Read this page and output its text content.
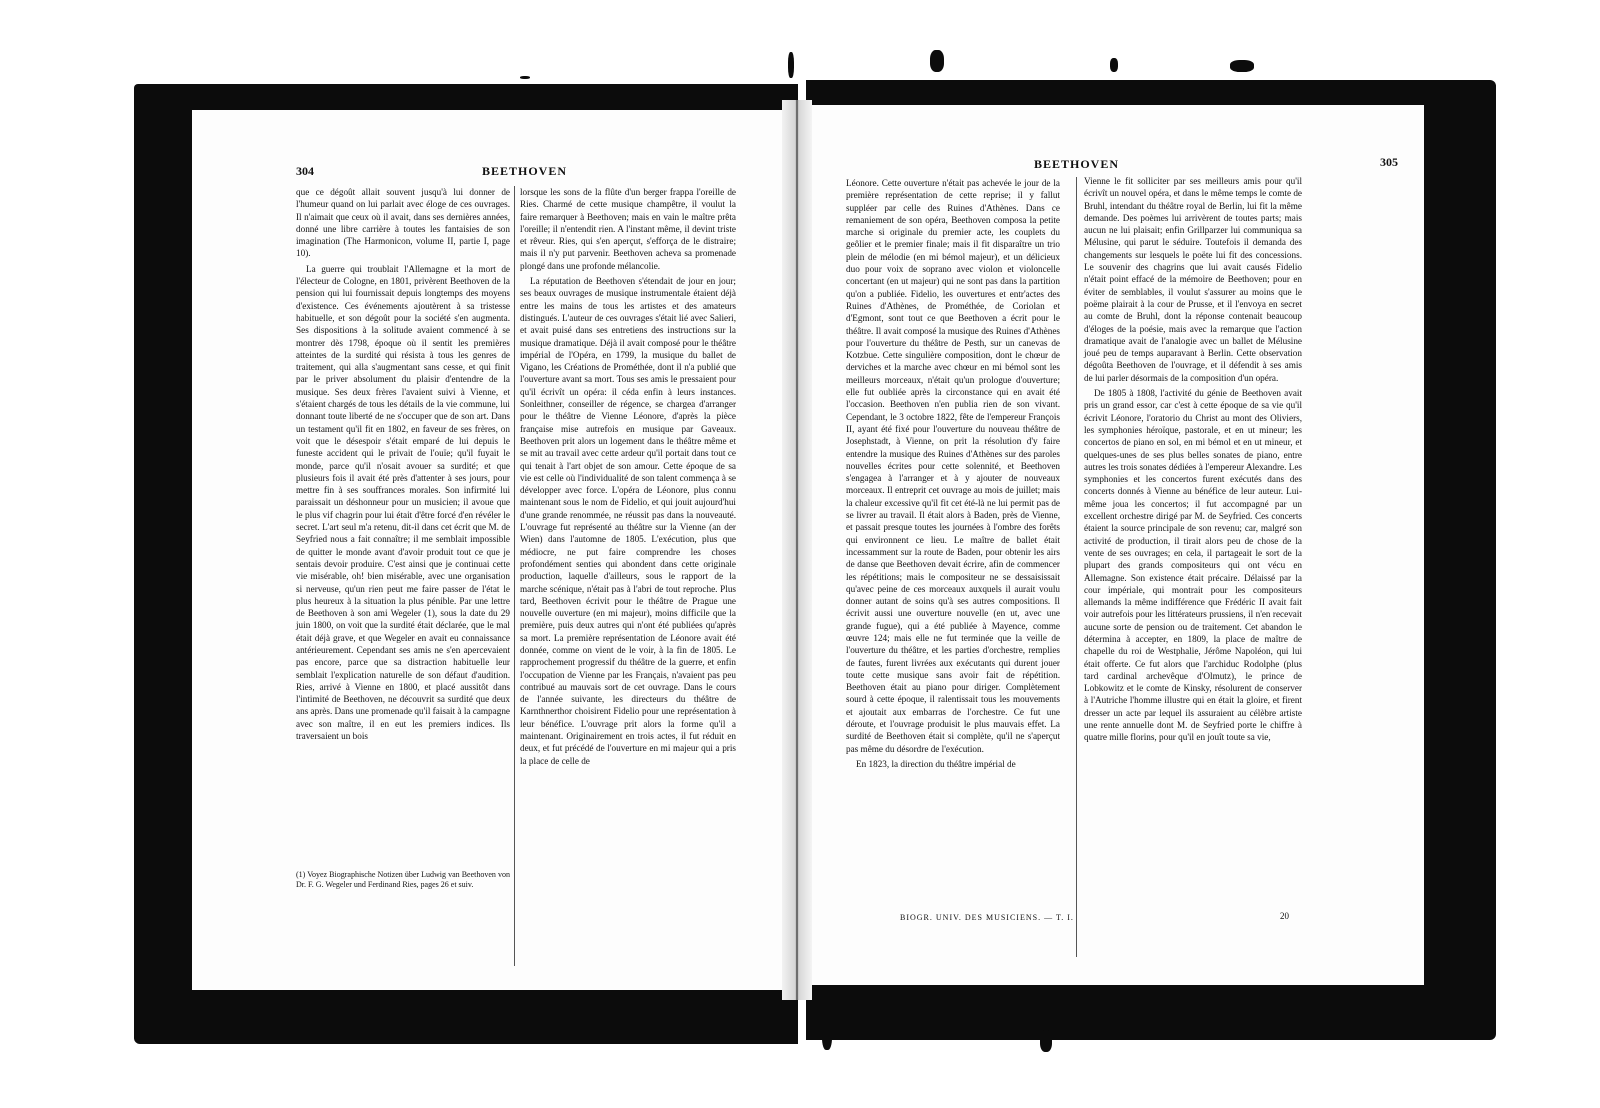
304	BEETHOVEN

que ce dégoût allait souvent jusqu'à lui donner de l'humeur quand on lui parlait avec éloge de ces ouvrages. Il n'aimait que ceux où il avait, dans ses dernières années, donné une libre carrière à toutes les fantaisies de son imagination (The Harmonicon, volume II, partie I, page 10).

La guerre qui troublait l'Allemagne et la mort de l'électeur de Cologne, en 1801, privèrent Beethoven de la pension qui lui fournissait depuis longtemps des moyens d'existence. Ces événements ajoutèrent à sa tristesse habituelle, et son dégoût pour la société s'en augmenta. Ses dispositions à la solitude avaient commencé à se montrer dès 1798, époque où il sentit les premières atteintes de la surdité qui résista à tous les genres de traitement, qui alla s'augmentant sans cesse, et qui finit par le priver absolument du plaisir d'entendre de la musique. Ses deux frères l'avaient suivi à Vienne, et s'étaient chargés de tous les détails de la vie commune, lui donnant toute liberté de ne s'occuper que de son art. Dans un testament qu'il fit en 1802, en faveur de ses frères, on voit que le désespoir s'était emparé de lui depuis le funeste accident qui le privait de l'ouïe; qu'il fuyait le monde, parce qu'il n'osait avouer sa surdité; et que plusieurs fois il avait été près d'attenter à ses jours, pour mettre fin à ses souffrances morales. Son infirmité lui paraissait un déshonneur pour un musicien; il avoue que le plus vif chagrin pour lui était d'être forcé d'en révéler le secret. L'art seul m'a retenu, dit-il dans cet écrit que M. de Seyfried nous a fait connaître; il me semblait impossible de quitter le monde avant d'avoir produit tout ce que je sentais devoir produire. C'est ainsi que je continuai cette vie misérable, oh! bien misérable, avec une organisation si nerveuse, qu'un rien peut me faire passer de l'état le plus heureux à la situation la plus pénible. Par une lettre de Beethoven à son ami Wegeler (1), sous la date du 29 juin 1800, on voit que la surdité était déclarée, que le mal était déjà grave, et que Wegeler en avait eu connaissance antérieurement. Cependant ses amis ne s'en apercevaient pas encore, parce que sa distraction habituelle leur semblait l'explication naturelle de son défaut d'audition. Ries, arrivé à Vienne en 1800, et placé aussitôt dans l'intimité de Beethoven, ne découvrit sa surdité que deux ans après. Dans une promenade qu'il faisait à la campagne avec son maître, il en eut les premiers indices. Ils traversaient un bois

lorsque les sons de la flûte d'un berger frappa l'oreille de Ries. Charmé de cette musique champêtre, il voulut la faire remarquer à Beethoven; mais en vain le maître prêta l'oreille; il n'entendit rien. A l'instant même, il devint triste et rêveur. Ries, qui s'en aperçut, s'efforça de le distraire; mais il n'y put parvenir. Beethoven acheva sa promenade plongé dans une profonde mélancolie.

La réputation de Beethoven s'étendait de jour en jour; ses beaux ouvrages de musique instrumentale étaient déjà entre les mains de tous les artistes et des amateurs distingués. L'auteur de ces ouvrages s'était lié avec Salieri, et avait puisé dans ses entretiens des instructions sur la musique dramatique. Déjà il avait composé pour le théâtre impérial de l'Opéra, en 1799, la musique du ballet de Vigano, les Créations de Prométhée, dont il n'a publié que l'ouverture avant sa mort. Tous ses amis le pressaient pour qu'il écrivît un opéra: il céda enfin à leurs instances. Sonleithner, conseiller de régence, se chargea d'arranger pour le théâtre de Vienne Léonore, d'après la pièce française mise autrefois en musique par Gaveaux. Beethoven prit alors un logement dans le théâtre même et se mit au travail avec cette ardeur qu'il portait dans tout ce qui tenait à l'art objet de son amour. Cette époque de sa vie est celle où l'individualité de son talent commença à se développer avec force. L'opéra de Léonore, plus connu maintenant sous le nom de Fidelio, et qui jouit aujourd'hui d'une grande renommée, ne réussit pas dans la nouveauté. L'ouvrage fut représenté au théâtre sur la Vienne (an der Wien) dans l'automne de 1805. L'exécution, plus que médiocre, ne put faire comprendre les choses profondément senties qui abondent dans cette originale production, laquelle d'ailleurs, sous le rapport de la marche scénique, n'était pas à l'abri de tout reproche. Plus tard, Beethoven écrivit pour le théâtre de Prague une nouvelle ouverture (en mi majeur), moins difficile que la première, puis deux autres qui n'ont été publiées qu'après sa mort. La première représentation de Léonore avait été donnée, comme on vient de le voir, à la fin de 1805. Le rapprochement progressif du théâtre de la guerre, et enfin l'occupation de Vienne par les Français, n'avaient pas peu contribué au mauvais sort de cet ouvrage. Dans le cours de l'année suivante, les directeurs du théâtre de Karnthnerthor choisirent Fidelio pour une représentation à leur bénéfice. L'ouvrage prit alors la forme qu'il a maintenant. Originairement en trois actes, il fut réduit en deux, et fut précédé de l'ouverture en mi majeur qui a pris la place de celle de

(1) Voyez Biographische Notizen über Ludwig van Beethoven von Dr. F. G. Wegeler und Ferdinand Ries, pages 26 et suiv.
BEETHOVEN	305

Léonore. Cette ouverture n'était pas achevée le jour de la première représentation de cette reprise; il y fallut suppléer par celle des Ruines d'Athènes. Dans ce remaniement de son opéra, Beethoven composa la petite marche si originale du premier acte, les couplets du geôlier et le premier finale; mais il fit disparaître un trio plein de mélodie (en mi bémol majeur), et un délicieux duo pour voix de soprano avec violon et violoncelle concertant (en ut majeur) qui ne sont pas dans la partition qu'on a publiée. Fidelio, les ouvertures et entr'actes des Ruines d'Athènes, de Prométhée, de Coriolan et d'Egmont, sont tout ce que Beethoven a écrit pour le théâtre. Il avait composé la musique des Ruines d'Athènes pour l'ouverture du théâtre de Pesth, sur un canevas de Kotzbue. Cette singulière composition, dont le chœur de derviches et la marche avec chœur en mi bémol sont les meilleurs morceaux, n'était qu'un prologue d'ouverture; elle fut oubliée après la circonstance qui en avait été l'occasion. Beethoven n'en publia rien de son vivant. Cependant, le 3 octobre 1822, fête de l'empereur François II, ayant été fixé pour l'ouverture du nouveau théâtre de Josephstadt, à Vienne, on prit la résolution d'y faire entendre la musique des Ruines d'Athènes sur des paroles nouvelles écrites pour cette solennité, et Beethoven s'engagea à l'arranger et à y ajouter de nouveaux morceaux. Il entreprit cet ouvrage au mois de juillet; mais la chaleur excessive qu'il fit cet été-là ne lui permit pas de se livrer au travail. Il était alors à Baden, près de Vienne, et passait presque toutes les journées à l'ombre des forêts qui environnent ce lieu. Le maître de ballet était incessamment sur la route de Baden, pour obtenir les airs de danse que Beethoven devait écrire, afin de commencer les répétitions; mais le compositeur ne se dessaisissait qu'avec peine de ces morceaux auxquels il aurait voulu donner autant de soins qu'à ses autres compositions. Il écrivit aussi une ouverture nouvelle (en ut, avec une grande fugue), qui a été publiée à Mayence, comme œuvre 124; mais elle ne fut terminée que la veille de l'ouverture du théâtre, et les parties d'orchestre, remplies de fautes, furent livrées aux exécutants qui durent jouer toute cette musique sans avoir fait de répétition. Beethoven était au piano pour diriger. Complètement sourd à cette époque, il ralentissait tous les mouvements et ajoutait aux embarras de l'orchestre. Ce fut une déroute, et l'ouvrage produisit le plus mauvais effet. La surdité de Beethoven était si complète, qu'il ne s'aperçut pas même du désordre de l'exécution.

En 1823, la direction du théâtre impérial de

Vienne le fit solliciter par ses meilleurs amis pour qu'il écrivît un nouvel opéra, et dans le même temps le comte de Bruhl, intendant du théâtre royal de Berlin, lui fit la même demande. Des poèmes lui arrivèrent de toutes parts; mais aucun ne lui plaisait; enfin Grillparzer lui communiqua sa Mélusine, qui parut le séduire. Toutefois il demanda des changements sur lesquels le poëte lui fit des concessions. Le souvenir des chagrins que lui avait causés Fidelio n'était point effacé de la mémoire de Beethoven; pour en éviter de semblables, il voulut s'assurer au moins que le poëme plairait à la cour de Prusse, et il l'envoya en secret au comte de Bruhl, dont la réponse contenait beaucoup d'éloges de la poésie, mais avec la remarque que l'action dramatique avait de l'analogie avec un ballet de Mélusine joué peu de temps auparavant à Berlin. Cette observation dégoûta Beethoven de l'ouvrage, et il défendit à ses amis de lui parler désormais de la composition d'un opéra.

De 1805 à 1808, l'activité du génie de Beethoven avait pris un grand essor, car c'est à cette époque de sa vie qu'il écrivit Léonore, l'oratorio du Christ au mont des Oliviers, les symphonies héroïque, pastorale, et en ut mineur; les concertos de piano en sol, en mi bémol et en ut mineur, et quelques-unes de ses plus belles sonates de piano, entre autres les trois sonates dédiées à l'empereur Alexandre. Les symphonies et les concertos furent exécutés dans des concerts donnés à Vienne au bénéfice de leur auteur. Lui-même joua les concertos; il fut accompagné par un excellent orchestre dirigé par M. de Seyfried. Ces concerts étaient la source principale de son revenu; car, malgré son activité de production, il tirait alors peu de chose de la vente de ses ouvrages; en cela, il partageait le sort de la plupart des grands compositeurs qui ont vécu en Allemagne. Son existence était précaire. Délaissé par la cour impériale, qui montrait pour les compositeurs allemands la même indifférence que Frédéric II avait fait voir autrefois pour les littérateurs prussiens, il n'en recevait aucune sorte de pension ou de traitement. Cet abandon le détermina à accepter, en 1809, la place de maître de chapelle du roi de Westphalie, Jérôme Napoléon, qui lui était offerte. Ce fut alors que l'archiduc Rodolphe (plus tard cardinal archevêque d'Olmutz), le prince de Lobkowitz et le comte de Kinsky, résolurent de conserver à l'Autriche l'homme illustre qui en était la gloire, et firent dresser un acte par lequel ils assuraient au célèbre artiste une rente annuelle dont M. de Seyfried porte le chiffre à quatre mille florins, pour qu'il en jouît toute sa vie,

BIOGR. UNIV. DES MUSICIENS. — T. I.	20
